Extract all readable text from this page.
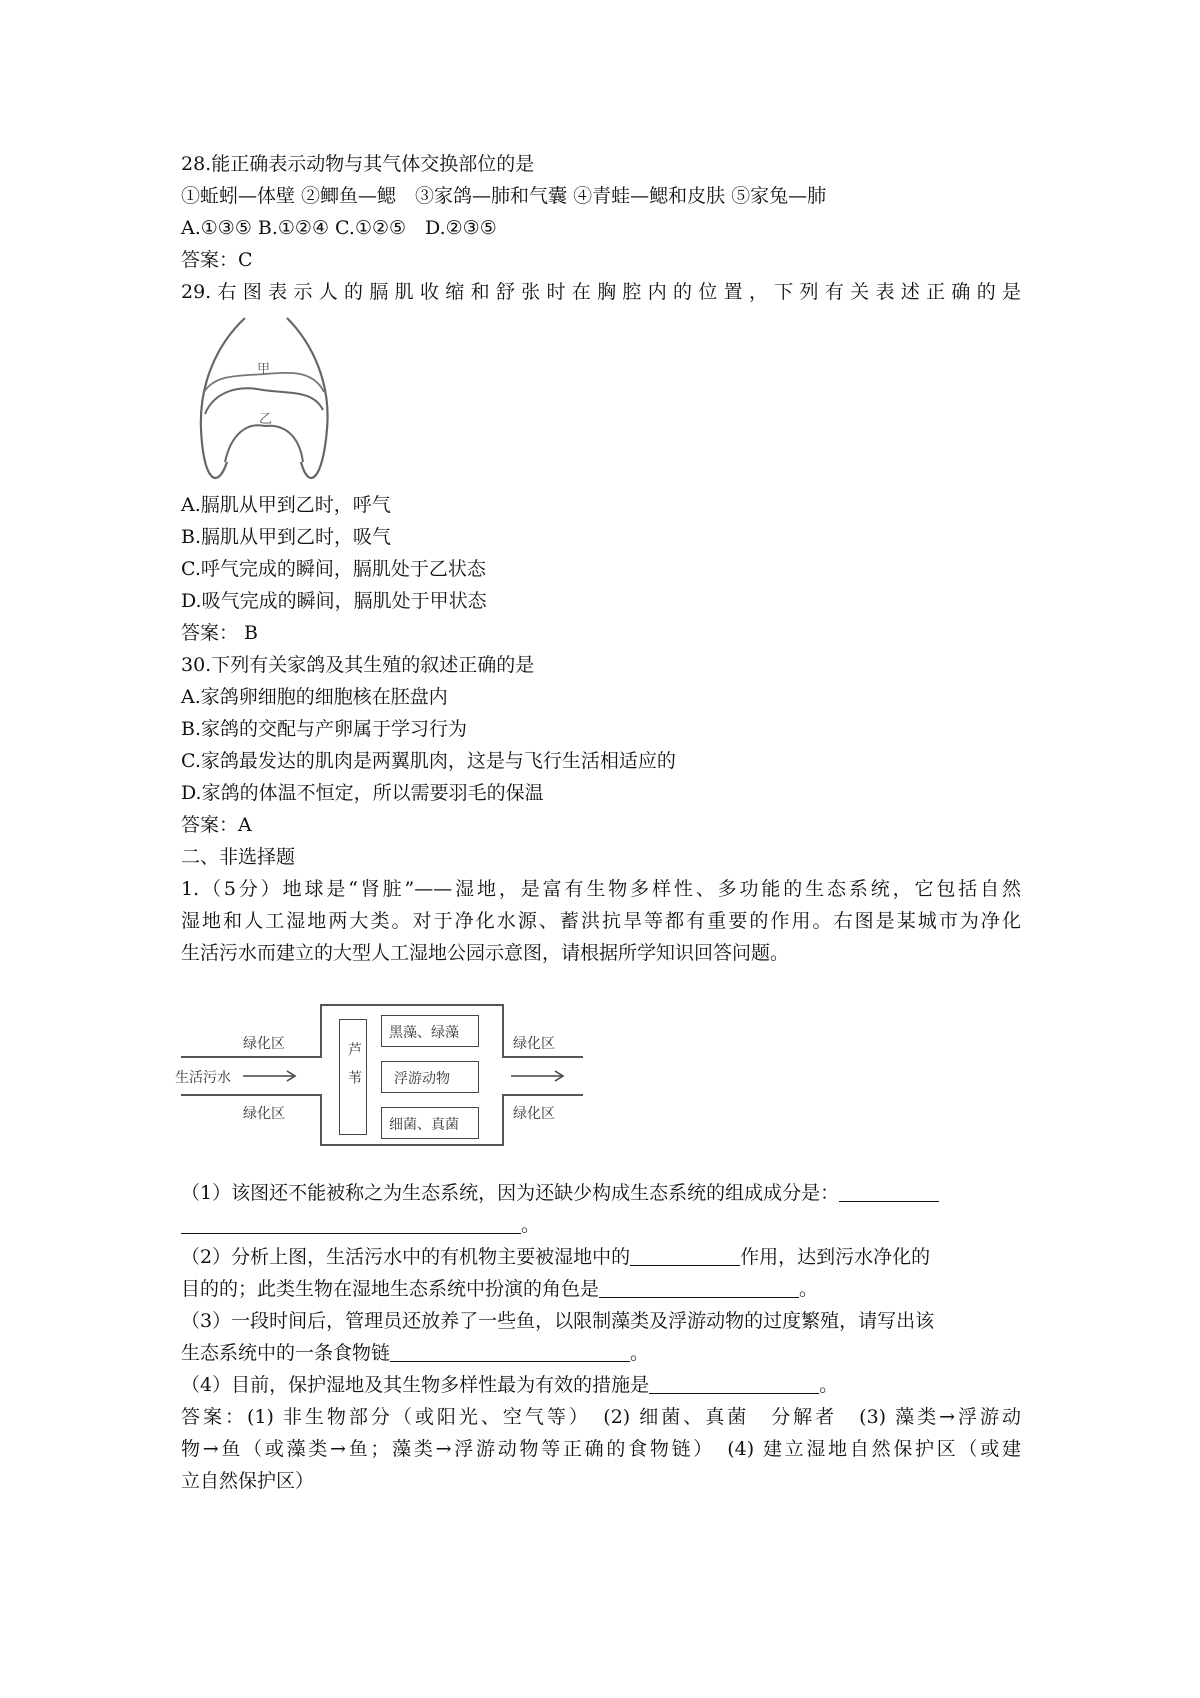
28.能正确表示动物与其气体交换部位的是
①蚯蚓—体壁 ②鲫鱼—鳃　③家鸽—肺和气囊 ④青蛙—鳃和皮肤 ⑤家兔—肺
A.①③⑤ B.①②④ C.①②⑤　D.②③⑤
答案：C
29.右图表示人的膈肌收缩和舒张时在胸腔内的位置，下列有关表述正确的是
甲
乙
A.膈肌从甲到乙时，呼气
B.膈肌从甲到乙时，吸气
C.呼气完成的瞬间，膈肌处于乙状态
D.吸气完成的瞬间，膈肌处于甲状态
答案： B
30.下列有关家鸽及其生殖的叙述正确的是
A.家鸽卵细胞的细胞核在胚盘内
B.家鸽的交配与产卵属于学习行为
C.家鸽最发达的肌肉是两翼肌肉，这是与飞行生活相适应的
D.家鸽的体温不恒定，所以需要羽毛的保温
答案：A
二、非选择题
1.（5分）地球是“肾脏”——湿地，是富有生物多样性、多功能的生态系统，它包括自然
湿地和人工湿地两大类。对于净化水源、蓄洪抗旱等都有重要的作用。右图是某城市为净化
生活污水而建立的大型人工湿地公园示意图，请根据所学知识回答问题。
生活污水
绿化区
绿化区
绿化区
绿化区
芦苇
黑藻、绿藻
浮游动物
细菌、真菌
（1）该图还不能被称之为生态系统，因为还缺少构成生态系统的组成成分是：
。
（2）分析上图，生活污水中的有机物主要被湿地中的	作用，达到污水净化的
目的的；此类生物在湿地生态系统中扮演的角色是	。
（3）一段时间后，管理员还放养了一些鱼，以限制藻类及浮游动物的过度繁殖，请写出该
生态系统中的一条食物链	。
（4）目前，保护湿地及其生物多样性最为有效的措施是	。
答案：(1) 非生物部分（或阳光、空气等）　(2) 细菌、真菌　分解者　(3) 藻类→浮游动
物→鱼（或藻类→鱼；藻类→浮游动物等正确的食物链）　(4) 建立湿地自然保护区（或建
立自然保护区）
